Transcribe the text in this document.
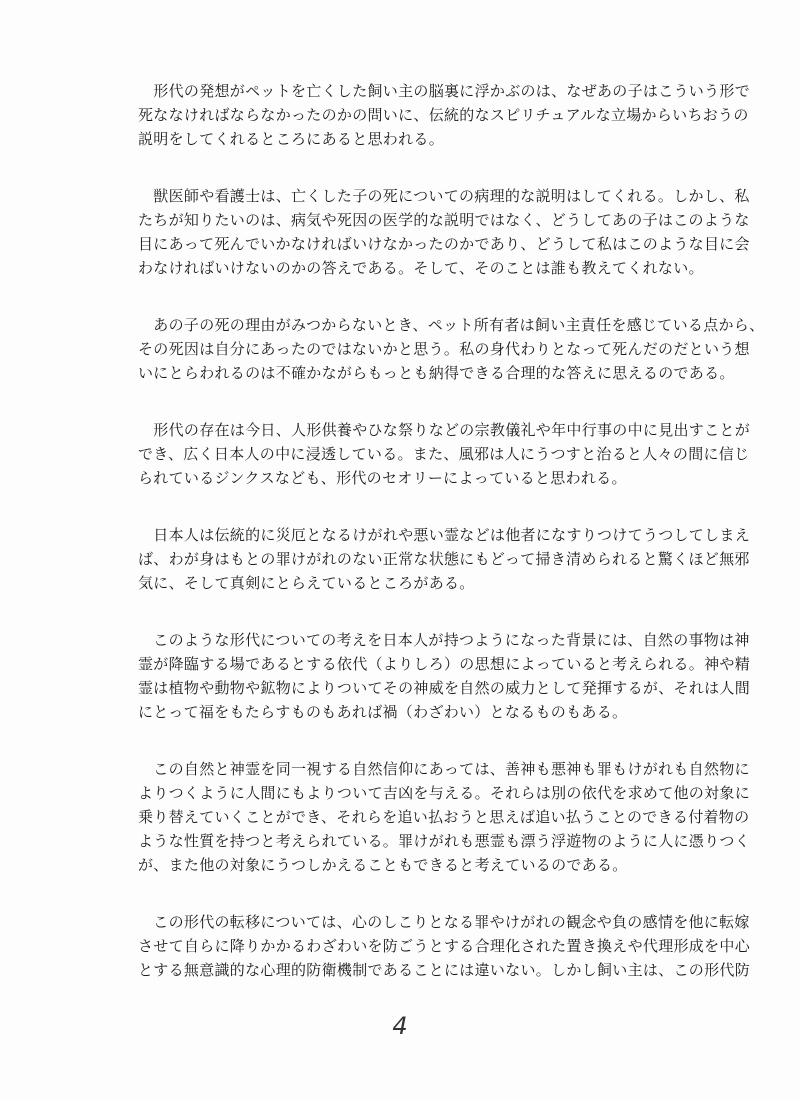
　形代の発想がペットを亡くした飼い主の脳裏に浮かぶのは、なぜあの子はこういう形で
死ななければならなかったのかの問いに、伝統的なスピリチュアルな立場からいちおうの
説明をしてくれるところにあると思われる。
　獣医師や看護士は、亡くした子の死についての病理的な説明はしてくれる。しかし、私
たちが知りたいのは、病気や死因の医学的な説明ではなく、どうしてあの子はこのような
目にあって死んでいかなければいけなかったのかであり、どうして私はこのような目に会
わなければいけないのかの答えである。そして、そのことは誰も教えてくれない。
　あの子の死の理由がみつからないとき、ペット所有者は飼い主責任を感じている点から、
その死因は自分にあったのではないかと思う。私の身代わりとなって死んだのだという想
いにとらわれるのは不確かながらもっとも納得できる合理的な答えに思えるのである。
　形代の存在は今日、人形供養やひな祭りなどの宗教儀礼や年中行事の中に見出すことが
でき、広く日本人の中に浸透している。また、風邪は人にうつすと治ると人々の間に信じ
られているジンクスなども、形代のセオリーによっていると思われる。
　日本人は伝統的に災厄となるけがれや悪い霊などは他者になすりつけてうつしてしまえ
ば、わが身はもとの罪けがれのない正常な状態にもどって掃き清められると驚くほど無邪
気に、そして真剣にとらえているところがある。
　このような形代についての考えを日本人が持つようになった背景には、自然の事物は神
霊が降臨する場であるとする依代（よりしろ）の思想によっていると考えられる。神や精
霊は植物や動物や鉱物によりついてその神威を自然の威力として発揮するが、それは人間
にとって福をもたらすものもあれば禍（わざわい）となるものもある。
　この自然と神霊を同一視する自然信仰にあっては、善神も悪神も罪もけがれも自然物に
よりつくように人間にもよりついて吉凶を与える。それらは別の依代を求めて他の対象に
乗り替えていくことができ、それらを追い払おうと思えば追い払うことのできる付着物の
ような性質を持つと考えられている。罪けがれも悪霊も漂う浮遊物のように人に憑りつく
が、また他の対象にうつしかえることもできると考えているのである。
　この形代の転移については、心のしこりとなる罪やけがれの観念や負の感情を他に転嫁
させて自らに降りかかるわざわいを防ごうとする合理化された置き換えや代理形成を中心
とする無意識的な心理的防衛機制であることには違いない。しかし飼い主は、この形代防
4
